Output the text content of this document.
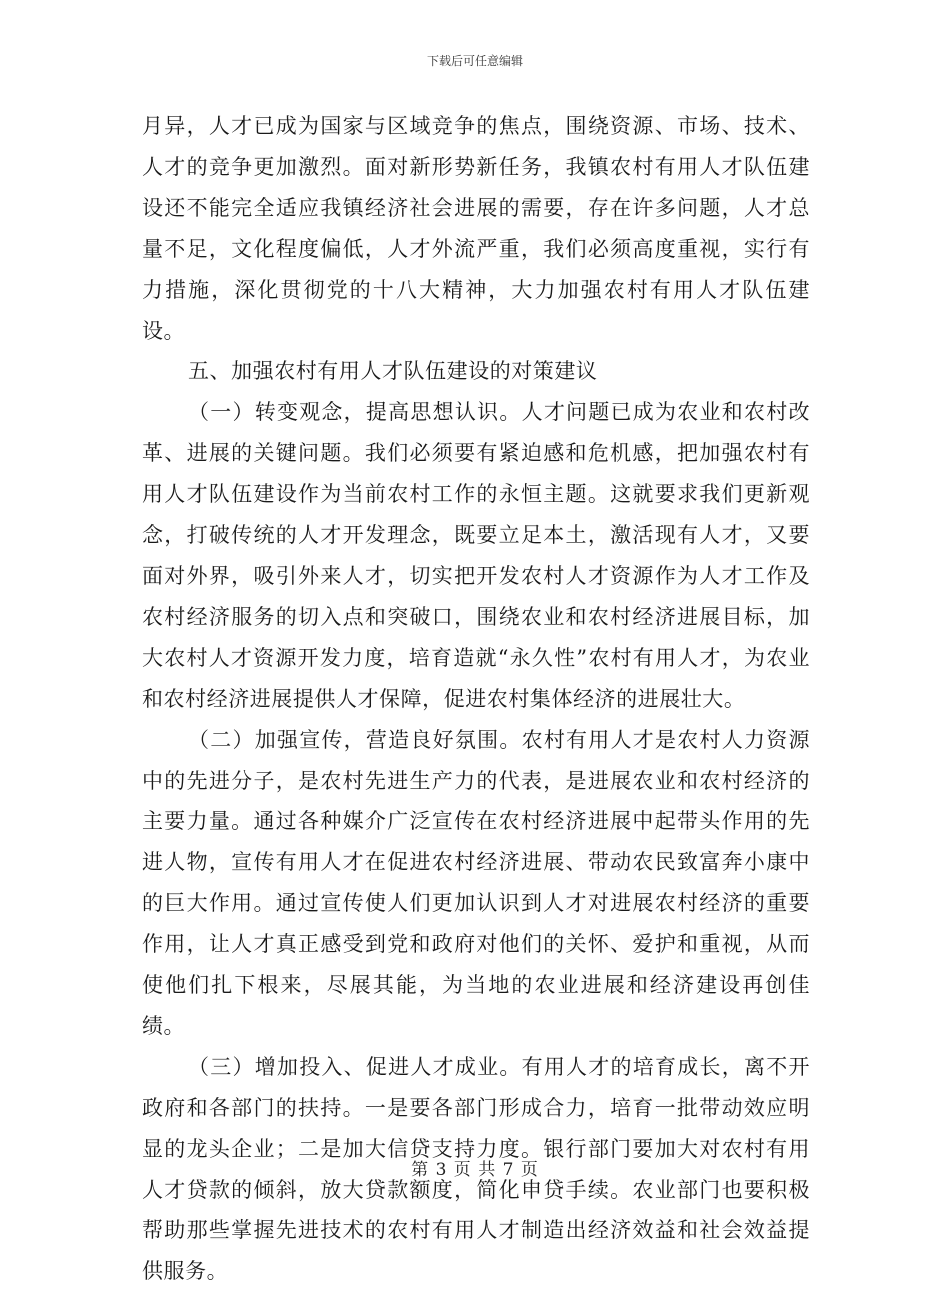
下载后可任意编辑

月异，人才已成为国家与区域竞争的焦点，围绕资源、市场、技术、人才的竞争更加激烈。面对新形势新任务，我镇农村有用人才队伍建设还不能完全适应我镇经济社会进展的需要，存在许多问题，人才总量不足，文化程度偏低，人才外流严重，我们必须高度重视，实行有力措施，深化贯彻党的十八大精神，大力加强农村有用人才队伍建设。

五、加强农村有用人才队伍建设的对策建议

（一）转变观念，提高思想认识。人才问题已成为农业和农村改革、进展的关键问题。我们必须要有紧迫感和危机感，把加强农村有用人才队伍建设作为当前农村工作的永恒主题。这就要求我们更新观念，打破传统的人才开发理念，既要立足本土，激活现有人才，又要面对外界，吸引外来人才，切实把开发农村人才资源作为人才工作及农村经济服务的切入点和突破口，围绕农业和农村经济进展目标，加大农村人才资源开发力度，培育造就“永久性”农村有用人才，为农业和农村经济进展提供人才保障，促进农村集体经济的进展壮大。

（二）加强宣传，营造良好氛围。农村有用人才是农村人力资源中的先进分子，是农村先进生产力的代表，是进展农业和农村经济的主要力量。通过各种媒介广泛宣传在农村经济进展中起带头作用的先进人物，宣传有用人才在促进农村经济进展、带动农民致富奔小康中的巨大作用。通过宣传使人们更加认识到人才对进展农村经济的重要作用，让人才真正感受到党和政府对他们的关怀、爱护和重视，从而使他们扎下根来，尽展其能，为当地的农业进展和经济建设再创佳绩。

（三）增加投入、促进人才成业。有用人才的培育成长，离不开政府和各部门的扶持。一是要各部门形成合力，培育一批带动效应明显的龙头企业；二是加大信贷支持力度。银行部门要加大对农村有用人才贷款的倾斜，放大贷款额度，简化申贷手续。农业部门也要积极帮助那些掌握先进技术的农村有用人才制造出经济效益和社会效益提供服务。

第 3 页 共 7 页
